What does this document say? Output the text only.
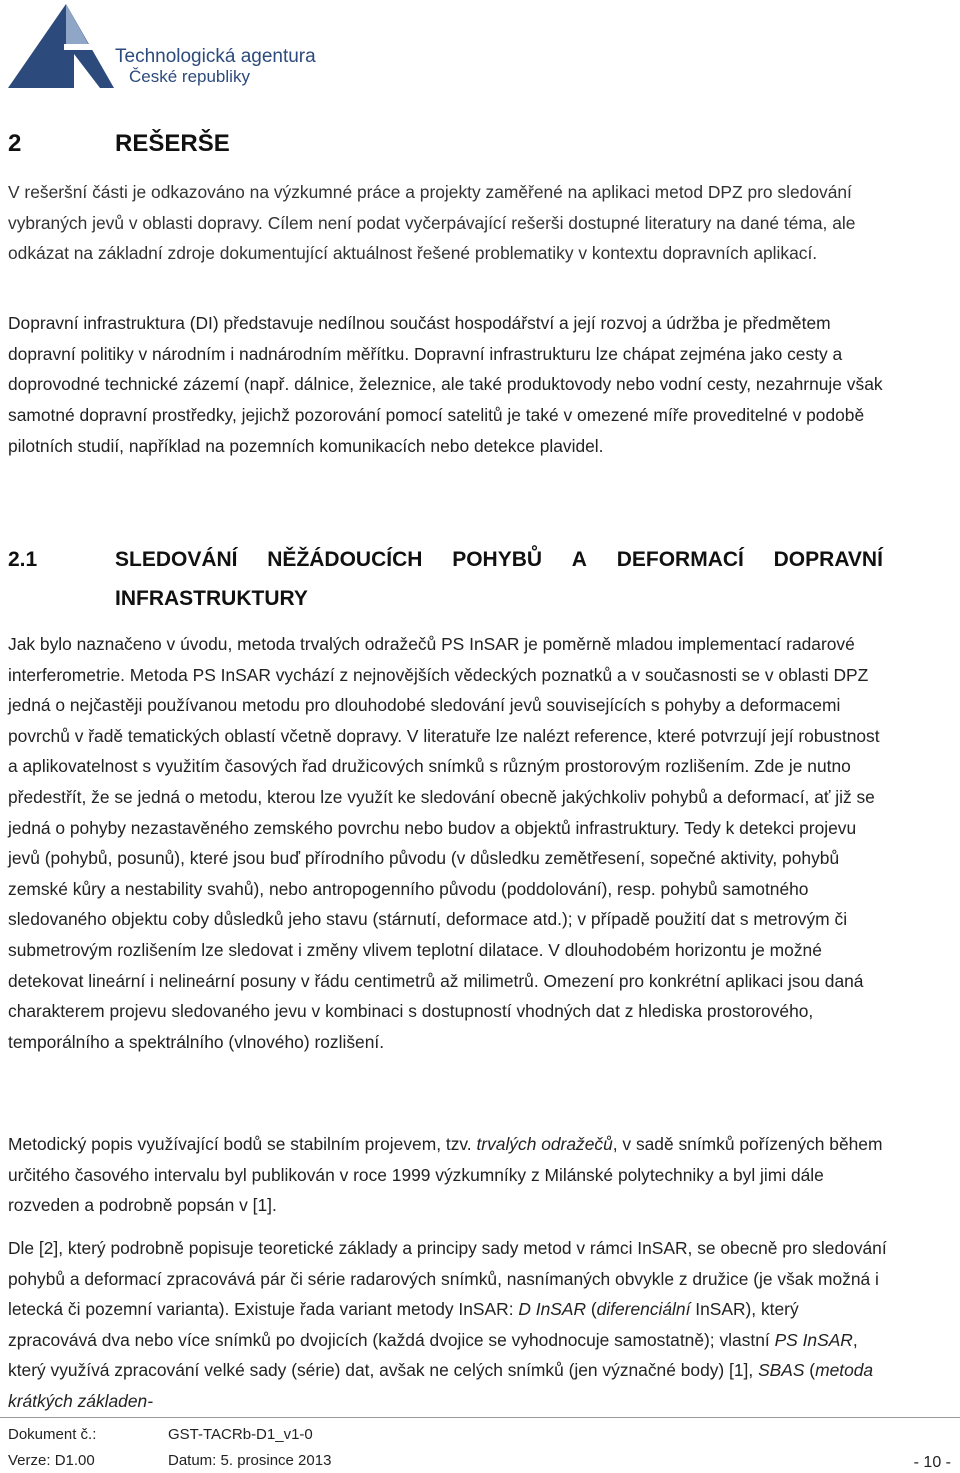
Technologická agentura
České republiky
2	REŠERŠE

V rešeršní části je odkazováno na výzkumné práce a projekty zaměřené na aplikaci metod DPZ pro sledování vybraných jevů v oblasti dopravy. Cílem není podat vyčerpávající rešerši dostupné literatury na dané téma, ale odkázat na základní zdroje dokumentující aktuálnost řešené problematiky v kontextu dopravních aplikací.

Dopravní infrastruktura (DI) představuje nedílnou součást hospodářství a její rozvoj a údržba je předmětem dopravní politiky v národním i nadnárodním měřítku. Dopravní infrastrukturu lze chápat zejména jako cesty a doprovodné technické zázemí (např. dálnice, železnice, ale také produktovody nebo vodní cesty, nezahrnuje však samotné dopravní prostředky, jejichž pozorování pomocí satelitů je také v omezené míře proveditelné v podobě pilotních studií, například na pozemních komunikacích nebo detekce plavidel.

2.1	SLEDOVÁNÍ NĚŽÁDOUCÍCH POHYBŮ A DEFORMACÍ DOPRAVNÍ
INFRASTRUKTURY

Jak bylo naznačeno v úvodu, metoda trvalých odražečů PS InSAR je poměrně mladou implementací radarové interferometrie. Metoda PS InSAR vychází z nejnovějších vědeckých poznatků a v současnosti se v oblasti DPZ jedná o nejčastěji používanou metodu pro dlouhodobé sledování jevů souvisejících s pohyby a deformacemi povrchů v řadě tematických oblastí včetně dopravy. V literatuře lze nalézt reference, které potvrzují její robustnost a aplikovatelnost s využitím časových řad družicových snímků s různým prostorovým rozlišením. Zde je nutno předestřít, že se jedná o metodu, kterou lze využít ke sledování obecně jakýchkoliv pohybů a deformací, ať již se jedná o pohyby nezastavěného zemského povrchu nebo budov a objektů infrastruktury. Tedy k detekci projevu jevů (pohybů, posunů), které jsou buď přírodního původu (v důsledku zemětřesení, sopečné aktivity, pohybů zemské kůry a nestability svahů), nebo antropogenního původu (poddolování), resp. pohybů samotného sledovaného objektu coby důsledků jeho stavu (stárnutí, deformace atd.); v případě použití dat s metrovým či submetrovým rozlišením lze sledovat i změny vlivem teplotní dilatace. V dlouhodobém horizontu je možné detekovat lineární i nelineární posuny v řádu centimetrů až milimetrů. Omezení pro konkrétní aplikaci jsou daná charakterem projevu sledovaného jevu v kombinaci s dostupností vhodných dat z hlediska prostorového, temporálního a spektrálního (vlnového) rozlišení.

Metodický popis využívající bodů se stabilním projevem, tzv. trvalých odražečů, v sadě snímků pořízených během určitého časového intervalu byl publikován v roce 1999 výzkumníky z Milánské polytechniky a byl jimi dále rozveden a podrobně popsán v [1].

Dle [2], který podrobně popisuje teoretické základy a principy sady metod v rámci InSAR, se obecně pro sledování pohybů a deformací zpracovává pár či série radarových snímků, nasnímaných obvykle z družice (je však možná i letecká či pozemní varianta). Existuje řada variant metody InSAR: D InSAR (diferenciální InSAR), který zpracovává dva nebo více snímků po dvojicích (každá dvojice se vyhodnocuje samostatně); vlastní PS InSAR, který využívá zpracování velké sady (série) dat, avšak ne celých snímků (jen význačné body) [1], SBAS (metoda krátkých základen-

Dokument č.:	GST-TACRb-D1_v1-0
Verze: D1.00	Datum: 5. prosince 2013	- 10 -
